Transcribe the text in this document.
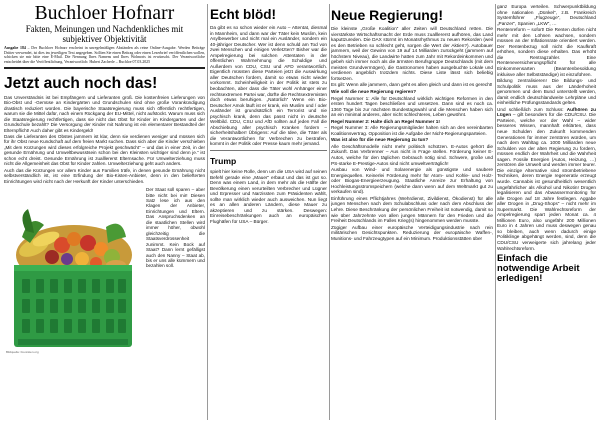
Buchloer Hofnarr
Fakten, Meinungen und Nachdenkliches mit
subjektiver Objektivität
Ausgabe 184 – Der Buchloer Hofnarr erscheint in unregelmäßigen Abständen als reine Online-Ausgabe. Werden Beiträge Dritter verwendet, ist dies im jeweiligen Text angegeben. Sollten Sie einen Beitrag oder einen Leserbrief veröffentlichen wollen, schicken sie mir bitte eine E-Mail. Die Nennung Ihres Namens und Ihres Wohnorts ist erwünscht. Der Verantwortliche entscheidet über die Veröffentlichung. Verantwortlich: Hubert Zacherle – Buchloe 07.03.2025
Jetzt auch noch das!

Das Unverständnis ist bei Empfängern und Lieferanten groß. Die kostenfreien Lieferungen von Bio-Obst und -Gemüse an Kindergärten und Grundschulen sind ohne große Vorankündigung drastisch reduziert worden. Die bayerische Staatsregierung muss sich öffentlich rechtfertigen, warum sie die Mittel dafür, nach einem Rückgang der EU-Mittel, nicht aufstockt. Warum muss sich die Staatsregierung rechtfertigen, dass sie nicht das Obst für Kinder im Kindergarten und der Grundschule bezahlt? Die Versorgung der Kinder mit Nahrung ist ein elementarer Bestandteil der Elternpflicht! Auch daher gibt es Kindergeld!

Dass die Lieferanten des Obstes jammern ist klar, denn sie verdienen weniger und müssen sich für ihr Obst neue Kundschaft auf dem freien Markt suchen. Dass sich aber die Kinder verschieben „Mit dem Kürzungen wird dieses erfolgreiche Projekt geschwächt“ – und das in einer Zeit, in der gesunde Ernährung und Umweltbewusstsein schon bei den Kleinsten wichtiger sind denn je.“ ist schon echt dreist. Gesunde Ernährung ist zualllererst Elternsache. Für Umwelterziehung muss nicht die Allgemeinheit das Obst für Kinder zahlen. Umwelterziehung geht auch anders.

Auch das die Kürzungen vor allem Kinder aus Familien träfe, in denen gesunde Ernährung nicht selbstverständlich ist, ist eine Erfindung der Bio-Kisten-Anbieter, denn in den beliefterten Einrichtungen wird nicht nach der Herkunft der Kinder unterschieden.

Bildquelle: bio-kisten.org
Der Staat soll sparen – aber bitte nicht bei mir! Diesen Satz lese ich aus den Klagen der Anbieter, Einrichtungen und Eltern. Das Anspruchsdenken an die staatlichen Stellen wird immer höher, obwohl gleichzeitig die Staatsverdrossenheit zunimmt. Kein Bock auf Staat? Dann lernt gefälligst auch den Nanny – Staat ab, bis er uns alle kümmern und bezahlen soll.
Echt blöd!
Da gibt es so schon wieder ein Auto – Attentat, diesmal in Mannheim, und dann war der Täter kein Muslim, kein Asylbewerber und nicht mal ein Ausländer, sondern ein 40-jähriger Deutscher. Wer ist denn schuld am Tod von zwei Menschen und einigen Verletzten? Bisher war die Ampelregierung bei solchen Attentaten in der öffentlichen Wahrnehmung die Schuldige und Außerdem von CDU, CSU und AFD verantwortlich. Eigentlich müssten diese Parteien jetzt die Auswirkung aller Deutschen fordern, damit so etwas nicht wieder vorkommt. Scheinheiligkeit in der Politik ist stets zu beobachten, aber dass die Täter wohl Anhänger einer rechtsextremen Partei war, dürfte die Rechtsextremisten doch etwas beruhigen. „Natürlich“ Wenn ein Bio-Deutscher Amok läuft ist er krank, ein Muslim und / oder Ausländer ist grundsätzlich ein Terrorist und nie psychisch krank, denn das passt nicht in deutsche Weltbild. CDU, CSU und AfD sollten auf jeden Fall die Abschiebung aller psychisch Kranken fordern – sicherheitshalber! Übrigens: Auf die Idee, die Täter als die Verantwortlichen für Verbrechen zu bestrafen, kommt in der Politik oder Presse kaum mehr jemand.
Trump
spielt hier keine Rolle, denn um die USA wird auf seinen Befehl gerade eine „Mauer“ erbaut und das ist gut so. Denn was einem Land, in dem mehr als die Hälfte der Bevölkerung einen verurteilten Verbrecher und Lügner und Erpresser und Narzissten zum Präsidenten wählt, sollte man wirklich wieder auch ausweichen. Nun liegt es an allen anderen Ländern, diese Mauer zu akzeptieren und zu stärken. Deswegen: Einreisebeschränkungen auch an europäischen Flughäfen für USA – Bürger.
Neue Regierung!

Die kleinste „Große Koalition“ aller Zeiten will Deutschland retten. Die vierstärkste Wirtschaftsmacht der Erde muss zualllererst aufhören, das Land kaputtzureden. Die DAX stürmt im Monatsrhythmus zu neuen Rekorden (weil es den Betrieben so schlecht geht, sorgen die Wert der Aktien?). Autobauer jammern, weil der Gewinn von 19 auf 14 Milliarden zurückgeht (jammern auf höchstem Niveau), die Landwirte hatten zum Jahr mit Rekordeinkommen und gebeh sich immer noch als die ärmsten Berufsgruppe Deutschlands (mit dem meisten Grundvermögen), die Gastronomen haben ausgebuchte Lokale und verdienen angeblich trotzdem nichts. Diese Liste lässt sich beliebig fortsetzen.

Es gilt: Wenn alle jammern, dann geht es allen gleich und dann ist es gerecht!

Wie soll die neue Regierung regieren?

Regel Nummer 1: Alle für Deutschland wirklich wichtigen Reformen in den ersten hundert Tagen beschließen und umsetzen. Dann sind es noch ca. 1360 Tage bis zur nächsten Bundestagswahl und die Menschen haben sich an ein minimal anderes, aber nicht schlechteres, Leben gewöhnt.

Regel Nummer 2: Halte dich an Regel Nummer 1!

Regel Nummer 3: Alle Regierungsmitglieder halten sich an den vereinbarten Koalitionsvertrag. Opposition ist die Aufgabe der Nicht-Regierungsparteien.

Was ist also für die neue Regierung zu tun?

Alle Geschäftsmodelle nicht mehr politisch schützen. E-Autos gehört die Zukunft. Das Verbrenner – Aus nicht in Frage stellen. Förderung keiner E-Autos, welche für den täglichen Gebrauch nötig sind. Schwere, große und PS-starke E-Prestige-Autos sind nicht umweltverträglich!

Ausbau von Wind- und Solarenergie als günstigste und saubere Energiequellen. Keinerlei Förderung mehr für Atom- und Kohle- und Holz- oder Biogas-Energieerzeugung. Staatliche Anreize zur Erhaltung von Hochleistungsstromspeichern (welche dann wenn auf dem Weltmarkt gut zu verkaufen sind).

Einführung eines Pflichtjahres (Wehrdienst, Zivildienst, Ökodienst) für alle jungen Menschen nach dem Schulabschluss oder nach dem Abschluss der Lehre. Diese Beschränkung der persönlichen Freiheit ist notwendig, damit so wie über Jahrzehnte von allen jungen Männern für den Frieden und die Freiheit Deutschlands im Falles Krieg(s) hingenommen werden musste.

Zügiger Aufbau einer europäische Verteidigungsindustrie nach rein militärischen Gesichtspunkten. Reduzierung der europäische Waffen-, Munitions- und Fahrzeugtypen auf ein Minimum. Produktionsstätten über

ganz Europa verteilen. Schwerpunktbildung ohne nationalen „Dünkel“, z.B. Frankreich Systemführer „Flugzeuge“, Deutschland „Panzer“, Spanien „LKW“, …

Rentenreform – sofort! Die Renten dürfen nicht mehr mit den Löhnen wachsen, sondern müssen an der Inflationsrate orientiert werden. Der Rentenbezug soll nicht die Kaufkraft erhöhen, sondern diese erhalten. Das erhöht die Rentragzahler. Eine Renteneversicherungspflicht für alle Einkommensarten (Beamtenbesoldung inkluisve aller Selbstständige) ist einzuführen.

Bildung zentralisieren! Die Bildungs- und Schulpolitik muss aus der Länderhoheit genommen und dem Bund unterstellt werden, damit endlich deutschlandweite Lehrpläne und einheitliche Prüfungsstandards gelten.

Und schließlich zum Schluss: Aufhören zu Lügen – gilt besonders für die CDU/CSU. Die Parteien, welche vor der Wahl – wider besseres Wissen, mannhaft erklärten, dass neue Schulden den Zukunft kommenden Generationen für immer zerstören würden, um nach dem Wahltag ca. 1000 Milliarden neue Schulden von der alten Regierung zu fordern, müssen endlich der Wahrheit und die Wahrheit sagen. Fossile Energien (Autos, Heizung, …) zerstören die Umwelt und werden immer teurer. Die einzige Alternative sind strombetriebene Techniken, deren Energie regenerativ erzeugt wurde. Cannabis ist gesundheitlich wesentlich ungefährlicher als Alkohol und Nikotin! Drogen legalisieren und das Abwassermonitoring für alle Drogen auf 18 Jahre festlegen. Aggabe aller Drogen in „Drug-Shops“ – nicht mehr im Supermarkt. Die Wahlrechtsreform der Ampelregierung spart jeden Monat ca. 4 Millionen Euro, also ungefähr 200 Millionen Euro in 4 Jahren und muss deswegen genau so bleiben, auch wenn dadurch einige Politiklinge abgehängt werden, sind, denn die CDU/CSU verweigerte sich jahrelang jeder Wahlrechtsreform.

Einfach die notwendige Arbeit erledigen!
